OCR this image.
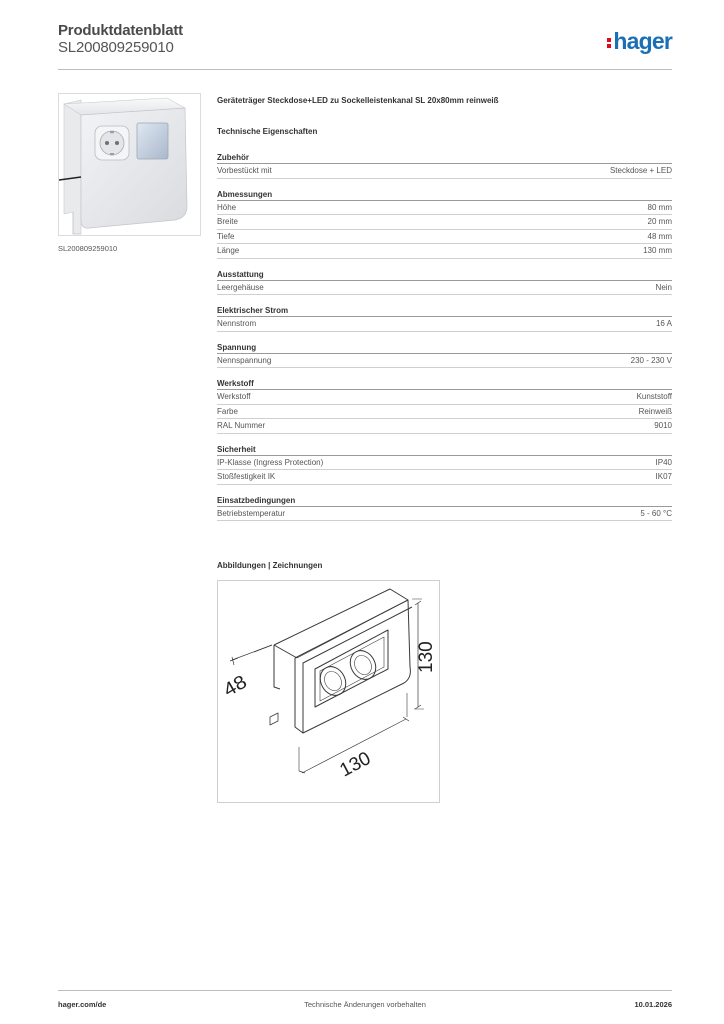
Produktdatenblatt
SL200809259010	hager
SL200809259010
Geräteträger Steckdose+LED zu Sockelleistenkanal SL 20x80mm reinweiß
Technische Eigenschaften
Zubehör
Vorbestückt mit	Steckdose + LED
Abmessungen
Höhe	80 mm
Breite	20 mm
Tiefe	48 mm
Länge	130 mm
Ausstattung
Leergehäuse	Nein
Elektrischer Strom
Nennstrom	16 A
Spannung
Nennspannung	230 - 230 V
Werkstoff
Werkstoff	Kunststoff
Farbe	Reinweiß
RAL Nummer	9010
Sicherheit
IP-Klasse (Ingress Protection)	IP40
Stoßfestigkeit IK	IK07
Einsatzbedingungen
Betriebstemperatur	5 - 60 °C
Abbildungen | Zeichnungen
48
130
130
hager.com/de	Technische Änderungen vorbehalten	10.01.2026
